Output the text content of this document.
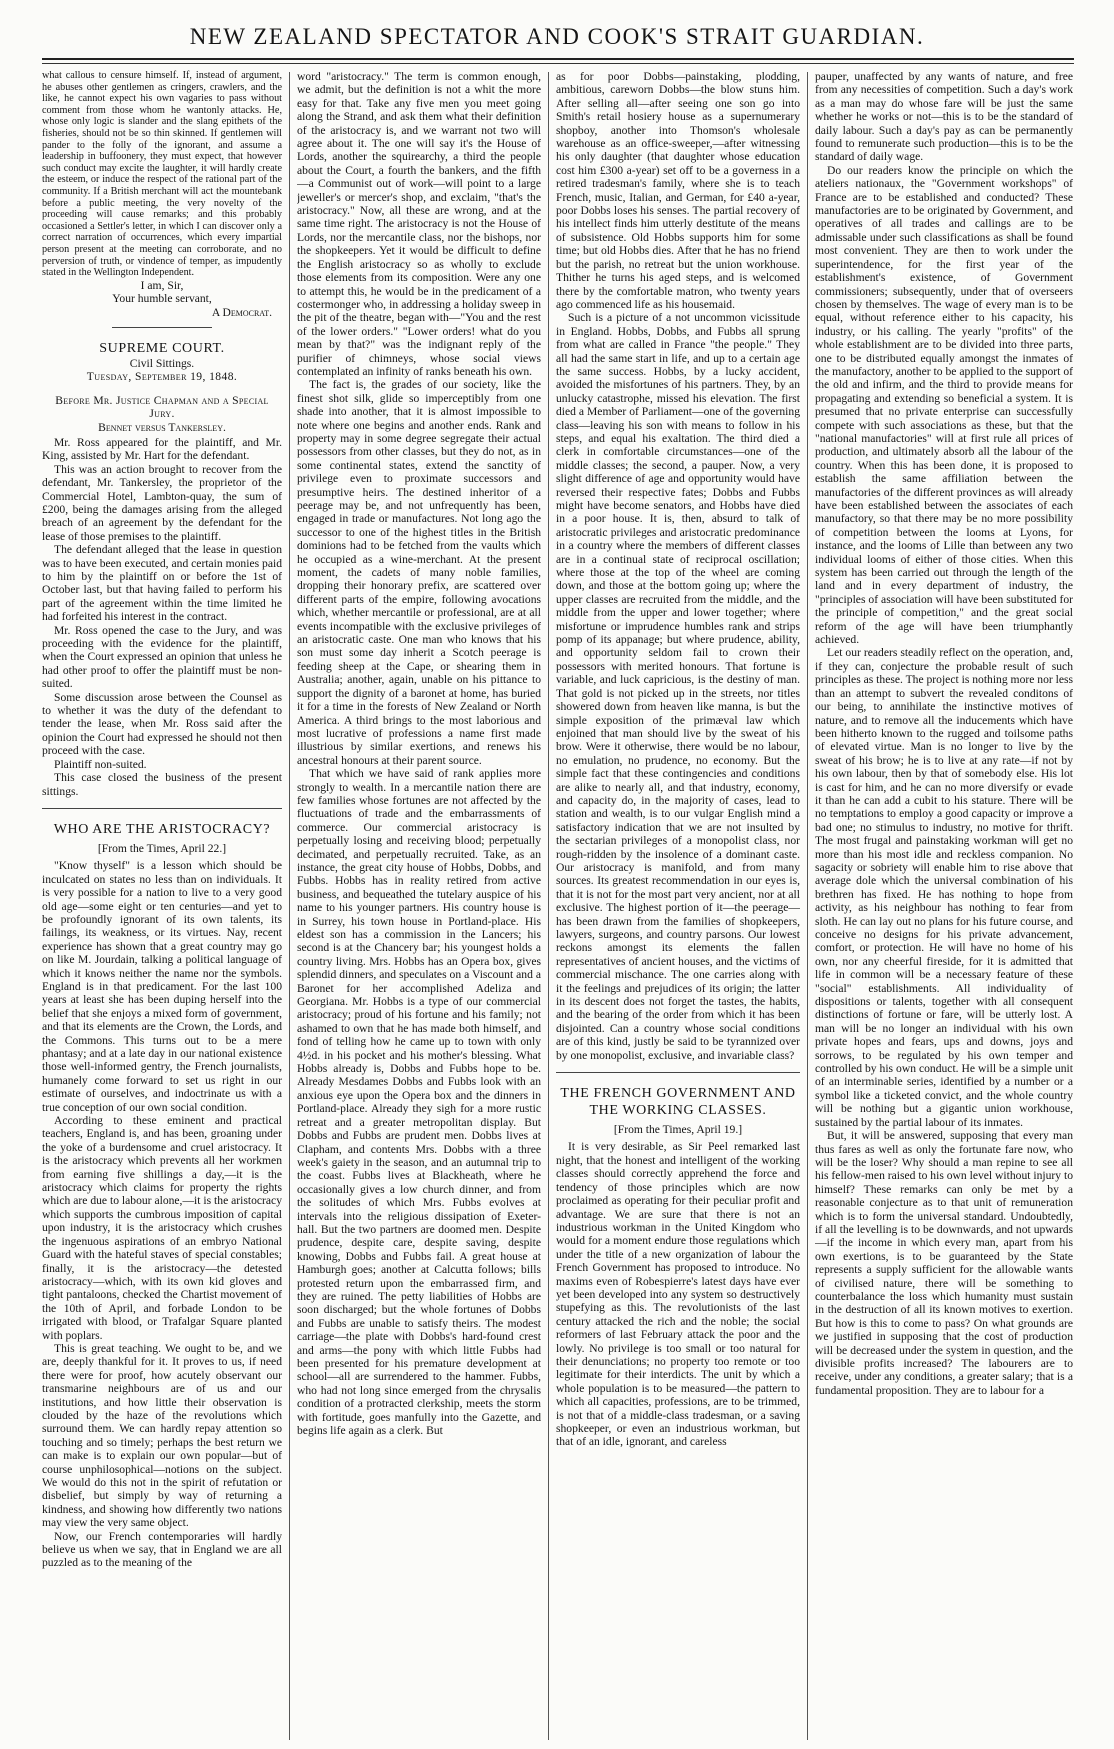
NEW ZEALAND SPECTATOR AND COOK'S STRAIT GUARDIAN.

what callous to censure himself. If, instead of argument, he abuses other gentlemen as cringers, crawlers, and the like, he cannot expect his own vagaries to pass without comment from those whom he wantonly attacks. He, whose only logic is slander and the slang epithets of the fisheries, should not be so thin skinned. If gentlemen will pander to the folly of the ignorant, and assume a leadership in buffoonery, they must expect, that however such conduct may excite the laughter, it will hardly create the esteem, or induce the respect of the rational part of the community. If a British merchant will act the mountebank before a public meeting, the very novelty of the proceeding will cause remarks; and this probably occasioned a Settler's letter, in which I can discover only a correct narration of occurrences, which every impartial person present at the meeting can corroborate, and no perversion of truth, or vindence of temper, as impudently stated in the Wellington Independent.

I am, Sir,

Your humble servant,

A Democrat.

SUPREME COURT.

Civil Sittings.

Tuesday, September 19, 1848.

Before Mr. Justice Chapman and a Special Jury.

Bennet versus Tankersley.

Mr. Ross appeared for the plaintiff, and Mr. King, assisted by Mr. Hart for the defendant.

This was an action brought to recover from the defendant, Mr. Tankersley, the proprietor of the Commercial Hotel, Lambton-quay, the sum of £200, being the damages arising from the alleged breach of an agreement by the defendant for the lease of those premises to the plaintiff.

The defendant alleged that the lease in question was to have been executed, and certain monies paid to him by the plaintiff on or before the 1st of October last, but that having failed to perform his part of the agreement within the time limited he had forfeited his interest in the contract.

Mr. Ross opened the case to the Jury, and was proceeding with the evidence for the plaintiff, when the Court expressed an opinion that unless he had other proof to offer the plaintiff must be non-suited.

Some discussion arose between the Counsel as to whether it was the duty of the defendant to tender the lease, when Mr. Ross said after the opinion the Court had expressed he should not then proceed with the case.

Plaintiff non-suited.

This case closed the business of the present sittings.

WHO ARE THE ARISTOCRACY?

[From the Times, April 22.]

"Know thyself" is a lesson which should be inculcated on states no less than on individuals. It is very possible for a nation to live to a very good old age—some eight or ten centuries—and yet to be profoundly ignorant of its own talents, its failings, its weakness, or its virtues. Nay, recent experience has shown that a great country may go on like M. Jourdain, talking a political language of which it knows neither the name nor the symbols. England is in that predicament. For the last 100 years at least she has been duping herself into the belief that she enjoys a mixed form of government, and that its elements are the Crown, the Lords, and the Commons. This turns out to be a mere phantasy; and at a late day in our national existence those well-informed gentry, the French journalists, humanely come forward to set us right in our estimate of ourselves, and indoctrinate us with a true conception of our own social condition.

According to these eminent and practical teachers, England is, and has been, groaning under the yoke of a burdensome and cruel aristocracy. It is the aristocracy which prevents all her workmen from earning five shillings a day,—it is the aristocracy which claims for property the rights which are due to labour alone,—it is the aristocracy which supports the cumbrous imposition of capital upon industry, it is the aristocracy which crushes the ingenuous aspirations of an embryo National Guard with the hateful staves of special constables; finally, it is the aristocracy—the detested aristocracy—which, with its own kid gloves and tight pantaloons, checked the Chartist movement of the 10th of April, and forbade London to be irrigated with blood, or Trafalgar Square planted with poplars.

This is great teaching. We ought to be, and we are, deeply thankful for it. It proves to us, if need there were for proof, how acutely observant our transmarine neighbours are of us and our institutions, and how little their observation is clouded by the haze of the revolutions which surround them. We can hardly repay attention so touching and so timely; perhaps the best return we can make is to explain our own popular—but of course unphilosophical—notions on the subject. We would do this not in the spirit of refutation or disbelief, but simply by way of returning a kindness, and showing how differently two nations may view the very same object.

Now, our French contemporaries will hardly believe us when we say, that in England we are all puzzled as to the meaning of the

word "aristocracy." The term is common enough, we admit, but the definition is not a whit the more easy for that. Take any five men you meet going along the Strand, and ask them what their definition of the aristocracy is, and we warrant not two will agree about it. The one will say it's the House of Lords, another the squirearchy, a third the people about the Court, a fourth the bankers, and the fifth—a Communist out of work—will point to a large jeweller's or mercer's shop, and exclaim, "that's the aristocracy." Now, all these are wrong, and at the same time right. The aristocracy is not the House of Lords, nor the mercantile class, nor the bishops, nor the shopkeepers. Yet it would be difficult to define the English aristocracy so as wholly to exclude those elements from its composition. Were any one to attempt this, he would be in the predicament of a costermonger who, in addressing a holiday sweep in the pit of the theatre, began with—"You and the rest of the lower orders." "Lower orders! what do you mean by that?" was the indignant reply of the purifier of chimneys, whose social views contemplated an infinity of ranks beneath his own.

The fact is, the grades of our society, like the finest shot silk, glide so imperceptibly from one shade into another, that it is almost impossible to note where one begins and another ends. Rank and property may in some degree segregate their actual possessors from other classes, but they do not, as in some continental states, extend the sanctity of privilege even to proximate successors and presumptive heirs. The destined inheritor of a peerage may be, and not unfrequently has been, engaged in trade or manufactures. Not long ago the successor to one of the highest titles in the British dominions had to be fetched from the vaults which he occupied as a wine-merchant. At the present moment, the cadets of many noble families, dropping their honorary prefix, are scattered over different parts of the empire, following avocations which, whether mercantile or professional, are at all events incompatible with the exclusive privileges of an aristocratic caste. One man who knows that his son must some day inherit a Scotch peerage is feeding sheep at the Cape, or shearing them in Australia; another, again, unable on his pittance to support the dignity of a baronet at home, has buried it for a time in the forests of New Zealand or North America. A third brings to the most laborious and most lucrative of professions a name first made illustrious by similar exertions, and renews his ancestral honours at their parent source.

That which we have said of rank applies more strongly to wealth. In a mercantile nation there are few families whose fortunes are not affected by the fluctuations of trade and the embarrassments of commerce. Our commercial aristocracy is perpetually losing and receiving blood; perpetually decimated, and perpetually recruited. Take, as an instance, the great city house of Hobbs, Dobbs, and Fubbs. Hobbs has in reality retired from active business, and bequeathed the tutelary auspice of his name to his younger partners. His country house is in Surrey, his town house in Portland-place. His eldest son has a commission in the Lancers; his second is at the Chancery bar; his youngest holds a country living. Mrs. Hobbs has an Opera box, gives splendid dinners, and speculates on a Viscount and a Baronet for her accomplished Adeliza and Georgiana. Mr. Hobbs is a type of our commercial aristocracy; proud of his fortune and his family; not ashamed to own that he has made both himself, and fond of telling how he came up to town with only 4½d. in his pocket and his mother's blessing. What Hobbs already is, Dobbs and Fubbs hope to be. Already Mesdames Dobbs and Fubbs look with an anxious eye upon the Opera box and the dinners in Portland-place. Already they sigh for a more rustic retreat and a greater metropolitan display. But Dobbs and Fubbs are prudent men. Dobbs lives at Clapham, and contents Mrs. Dobbs with a three week's gaiety in the season, and an autumnal trip to the coast. Fubbs lives at Blackheath, where he occasionally gives a low church dinner, and from the solitudes of which Mrs. Fubbs evolves at intervals into the religious dissipation of Exeter-hall. But the two partners are doomed men. Despite prudence, despite care, despite saving, despite knowing, Dobbs and Fubbs fail. A great house at Hamburgh goes; another at Calcutta follows; bills protested return upon the embarrassed firm, and they are ruined. The petty liabilities of Hobbs are soon discharged; but the whole fortunes of Dobbs and Fubbs are unable to satisfy theirs. The modest carriage—the plate with Dobbs's hard-found crest and arms—the pony with which little Fubbs had been presented for his premature development at school—all are surrendered to the hammer. Fubbs, who had not long since emerged from the chrysalis condition of a protracted clerkship, meets the storm with fortitude, goes manfully into the Gazette, and begins life again as a clerk. But

as for poor Dobbs—painstaking, plodding, ambitious, careworn Dobbs—the blow stuns him. After selling all—after seeing one son go into Smith's retail hosiery house as a supernumerary shopboy, another into Thomson's wholesale warehouse as an office-sweeper,—after witnessing his only daughter (that daughter whose education cost him £300 a-year) set off to be a governess in a retired tradesman's family, where she is to teach French, music, Italian, and German, for £40 a-year, poor Dobbs loses his senses. The partial recovery of his intellect finds him utterly destitute of the means of subsistence. Old Hobbs supports him for some time; but old Hobbs dies. After that he has no friend but the parish, no retreat but the union workhouse. Thither he turns his aged steps, and is welcomed there by the comfortable matron, who twenty years ago commenced life as his housemaid.

Such is a picture of a not uncommon vicissitude in England. Hobbs, Dobbs, and Fubbs all sprung from what are called in France "the people." They all had the same start in life, and up to a certain age the same success. Hobbs, by a lucky accident, avoided the misfortunes of his partners. They, by an unlucky catastrophe, missed his elevation. The first died a Member of Parliament—one of the governing class—leaving his son with means to follow in his steps, and equal his exaltation. The third died a clerk in comfortable circumstances—one of the middle classes; the second, a pauper. Now, a very slight difference of age and opportunity would have reversed their respective fates; Dobbs and Fubbs might have become senators, and Hobbs have died in a poor house. It is, then, absurd to talk of aristocratic privileges and aristocratic predominance in a country where the members of different classes are in a continual state of reciprocal oscillation; where those at the top of the wheel are coming down, and those at the bottom going up; where the upper classes are recruited from the middle, and the middle from the upper and lower together; where misfortune or imprudence humbles rank and strips pomp of its appanage; but where prudence, ability, and opportunity seldom fail to crown their possessors with merited honours. That fortune is variable, and luck capricious, is the destiny of man. That gold is not picked up in the streets, nor titles showered down from heaven like manna, is but the simple exposition of the primæval law which enjoined that man should live by the sweat of his brow. Were it otherwise, there would be no labour, no emulation, no prudence, no economy. But the simple fact that these contingencies and conditions are alike to nearly all, and that industry, economy, and capacity do, in the majority of cases, lead to station and wealth, is to our vulgar English mind a satisfactory indication that we are not insulted by the sectarian privileges of a monopolist class, nor rough-ridden by the insolence of a dominant caste. Our aristocracy is manifold, and from many sources. Its greatest recommendation in our eyes is, that it is not for the most part very ancient, nor at all exclusive. The highest portion of it—the peerage—has been drawn from the families of shopkeepers, lawyers, surgeons, and country parsons. Our lowest reckons amongst its elements the fallen representatives of ancient houses, and the victims of commercial mischance. The one carries along with it the feelings and prejudices of its origin; the latter in its descent does not forget the tastes, the habits, and the bearing of the order from which it has been disjointed. Can a country whose social conditions are of this kind, justly be said to be tyrannized over by one monopolist, exclusive, and invariable class?

THE FRENCH GOVERNMENT AND THE WORKING CLASSES.

[From the Times, April 19.]

It is very desirable, as Sir Peel remarked last night, that the honest and intelligent of the working classes should correctly apprehend the force and tendency of those principles which are now proclaimed as operating for their peculiar profit and advantage. We are sure that there is not an industrious workman in the United Kingdom who would for a moment endure those regulations which under the title of a new organization of labour the French Government has proposed to introduce. No maxims even of Robespierre's latest days have ever yet been developed into any system so destructively stupefying as this. The revolutionists of the last century attacked the rich and the noble; the social reformers of last February attack the poor and the lowly. No privilege is too small or too natural for their denunciations; no property too remote or too legitimate for their interdicts. The unit by which a whole population is to be measured—the pattern to which all capacities, professions, are to be trimmed, is not that of a middle-class tradesman, or a saving shopkeeper, or even an industrious workman, but that of an idle, ignorant, and careless

pauper, unaffected by any wants of nature, and free from any necessities of competition. Such a day's work as a man may do whose fare will be just the same whether he works or not—this is to be the standard of daily labour. Such a day's pay as can be permanently found to remunerate such production—this is to be the standard of daily wage.

Do our readers know the principle on which the ateliers nationaux, the "Government workshops" of France are to be established and conducted? These manufactories are to be originated by Government, and operatives of all trades and callings are to be admissable under such classifications as shall be found most convenient. They are then to work under the superintendence, for the first year of the establishment's existence, of Government commissioners; subsequently, under that of overseers chosen by themselves. The wage of every man is to be equal, without reference either to his capacity, his industry, or his calling. The yearly "profits" of the whole establishment are to be divided into three parts, one to be distributed equally amongst the inmates of the manufactory, another to be applied to the support of the old and infirm, and the third to provide means for propagating and extending so beneficial a system. It is presumed that no private enterprise can successfully compete with such associations as these, but that the "national manufactories" will at first rule all prices of production, and ultimately absorb all the labour of the country. When this has been done, it is proposed to establish the same affiliation between the manufactories of the different provinces as will already have been established between the associates of each manufactory, so that there may be no more possibility of competition between the looms at Lyons, for instance, and the looms of Lille than between any two individual looms of either of those cities. When this system has been carried out through the length of the land and in every department of industry, the "principles of association will have been substituted for the principle of competition," and the great social reform of the age will have been triumphantly achieved.

Let our readers steadily reflect on the operation, and, if they can, conjecture the probable result of such principles as these. The project is nothing more nor less than an attempt to subvert the revealed conditons of our being, to annihilate the instinctive motives of nature, and to remove all the inducements which have been hitherto known to the rugged and toilsome paths of elevated virtue. Man is no longer to live by the sweat of his brow; he is to live at any rate—if not by his own labour, then by that of somebody else. His lot is cast for him, and he can no more diversify or evade it than he can add a cubit to his stature. There will be no temptations to employ a good capacity or improve a bad one; no stimulus to industry, no motive for thrift. The most frugal and painstaking workman will get no more than his most idle and reckless companion. No sagacity or sobriety will enable him to rise above that average dole which the universal combination of his brethren has fixed. He has nothing to hope from activity, as his neighbour has nothing to fear from sloth. He can lay out no plans for his future course, and conceive no designs for his private advancement, comfort, or protection. He will have no home of his own, nor any cheerful fireside, for it is admitted that life in common will be a necessary feature of these "social" establishments. All individuality of dispositions or talents, together with all consequent distinctions of fortune or fare, will be utterly lost. A man will be no longer an individual with his own private hopes and fears, ups and downs, joys and sorrows, to be regulated by his own temper and controlled by his own conduct. He will be a simple unit of an interminable series, identified by a number or a symbol like a ticketed convict, and the whole country will be nothing but a gigantic union workhouse, sustained by the partial labour of its inmates.

But, it will be answered, supposing that every man thus fares as well as only the fortunate fare now, who will be the loser? Why should a man repine to see all his fellow-men raised to his own level without injury to himself? These remarks can only be met by a reasonable conjecture as to that unit of remuneration which is to form the universal standard. Undoubtedly, if all the levelling is to be downwards, and not upwards—if the income in which every man, apart from his own exertions, is to be guaranteed by the State represents a supply sufficient for the allowable wants of civilised nature, there will be something to counterbalance the loss which humanity must sustain in the destruction of all its known motives to exertion. But how is this to come to pass? On what grounds are we justified in supposing that the cost of production will be decreased under the system in question, and the divisible profits increased? The labourers are to receive, under any conditions, a greater salary; that is a fundamental proposition. They are to labour for a
